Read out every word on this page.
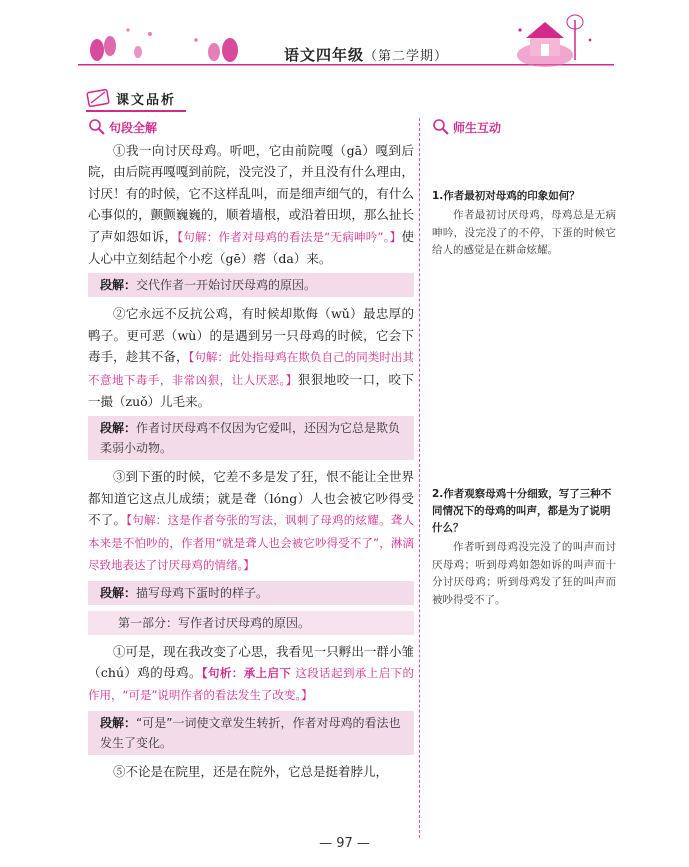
语文四年级（第二学期）
课文品析
句段全解	师生互动

①我一向讨厌母鸡。听吧，它由前院嘎（gā）嘎到后院，由后院再嘎嘎到前院，没完没了，并且没有什么理由，讨厌！有的时候，它不这样乱叫，而是细声细气的，有什么心事似的，颤颤巍巍的，顺着墙根，或沿着田坝，那么扯长了声如怨如诉，【句解：作者对母鸡的看法是“无病呻吟”。】使人心中立刻结起个小疙（gē）瘩（da）来。

段解：交代作者一开始讨厌母鸡的原因。

②它永远不反抗公鸡，有时候却欺侮（wǔ）最忠厚的鸭子。更可恶（wù）的是遇到另一只母鸡的时候，它会下毒手，趁其不备，【句解：此处指母鸡在欺负自己的同类时出其不意地下毒手，非常凶狠，让人厌恶。】狠狠地咬一口，咬下一撮（zuǒ）儿毛来。

段解：作者讨厌母鸡不仅因为它爱叫，还因为它总是欺负柔弱小动物。

③到下蛋的时候，它差不多是发了狂，恨不能让全世界都知道它这点儿成绩；就是聋（lóng）人也会被它吵得受不了。【句解：这是作者夸张的写法，讽刺了母鸡的炫耀。聋人本来是不怕吵的，作者用“就是聋人也会被它吵得受不了”，淋漓尽致地表达了讨厌母鸡的情绪。】

段解：描写母鸡下蛋时的样子。
第一部分：写作者讨厌母鸡的原因。

①可是，现在我改变了心思，我看见一只孵出一群小雏（chú）鸡的母鸡。【句析：承上启下 这段话起到承上启下的作用，“可是”说明作者的看法发生了改变。】

段解：“可是”一词使文章发生转折，作者对母鸡的看法也发生了变化。

⑤不论是在院里，还是在院外，它总是挺着脖儿，

1.作者最初对母鸡的印象如何？

作者最初讨厌母鸡，母鸡总是无病呻吟，没完没了的不停，下蛋的时候它给人的感觉是在耕命炫耀。

2.作者观察母鸡十分细致，写了三种不同情况下的母鸡的叫声，都是为了说明什么？

作者听到母鸡没完没了的叫声而讨厌母鸡；听到母鸡如怨如诉的叫声而十分讨厌母鸡；听到母鸡发了狂的叫声而被吵得受不了。

— 97 —
